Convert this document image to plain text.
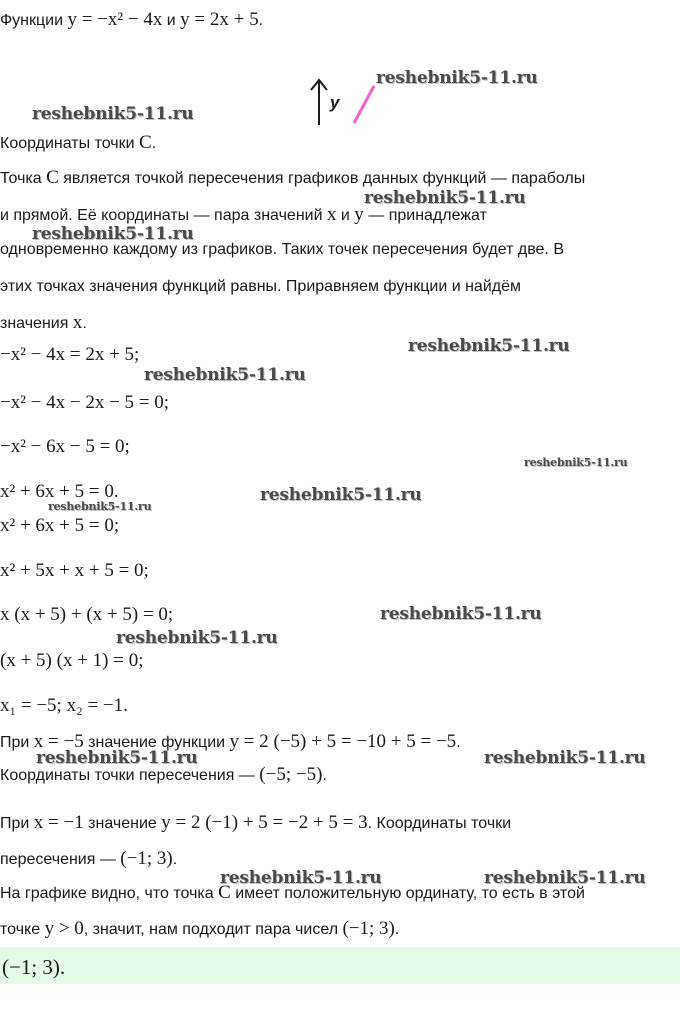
Функции y = −x² − 4x и y = 2x + 5.
y
Координаты точки C.
Точка C является точкой пересечения графиков данных функций — параболы
и прямой. Её координаты — пара значений x и y — принадлежат
одновременно каждому из графиков. Таких точек пересечения будет две. В
этих точках значения функций равны. Приравняем функции и найдём
значения x.
−x² − 4x = 2x + 5;
−x² − 4x − 2x − 5 = 0;
−x² − 6x − 5 = 0;
x² + 6x + 5 = 0.
x² + 6x + 5 = 0;
x² + 5x + x + 5 = 0;
x (x + 5) + (x + 5) = 0;
(x + 5) (x + 1) = 0;
x₁ = −5; x₂ = −1.
При x = −5 значение функции y = 2 (−5) + 5 = −10 + 5 = −5.
Координаты точки пересечения — (−5; −5).
При x = −1 значение y = 2 (−1) + 5 = −2 + 5 = 3. Координаты точки
пересечения — (−1; 3).
На графике видно, что точка C имеет положительную ординату, то есть в этой
точке y > 0, значит, нам подходит пара чисел (−1; 3).
(−1; 3).
reshebnik5-11.ru
reshebnik5-11.ru
reshebnik5-11.ru
reshebnik5-11.ru
reshebnik5-11.ru
reshebnik5-11.ru
reshebnik5-11.ru
reshebnik5-11.ru
reshebnik5-11.ru
reshebnik5-11.ru
reshebnik5-11.ru
reshebnik5-11.ru	reshebnik5-11.ru
reshebnik5-11.ru	reshebnik5-11.ru
